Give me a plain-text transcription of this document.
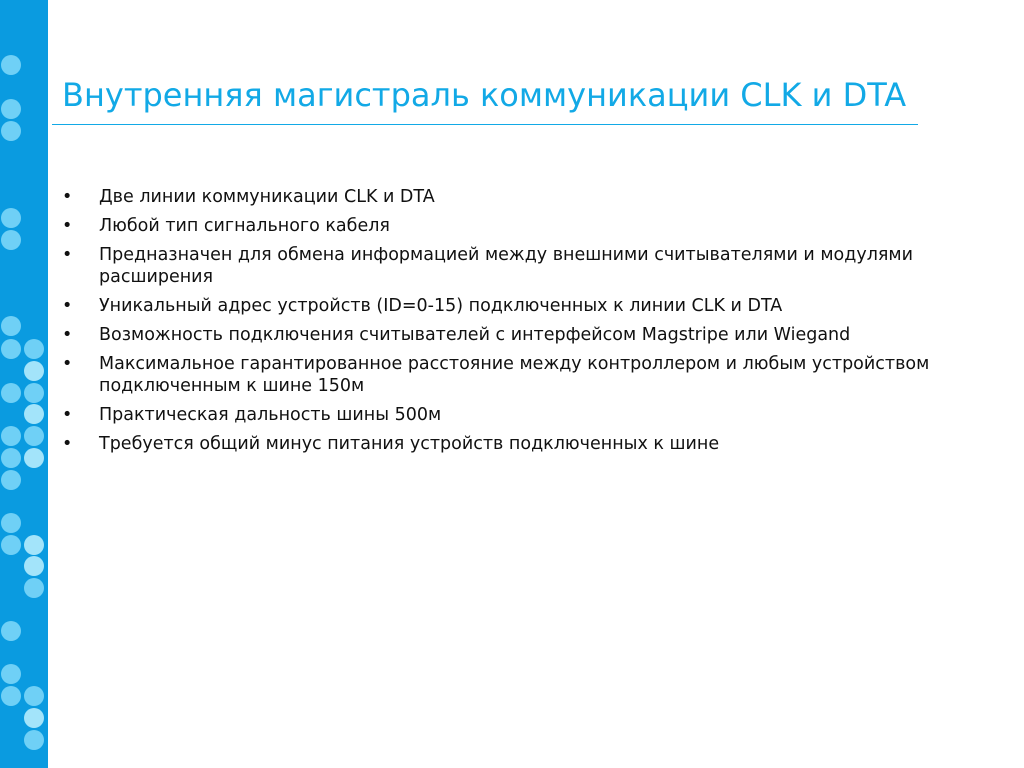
Внутренняя магистраль коммуникации CLK и DTA
• Две линии коммуникации CLK и DTA
• Любой тип сигнального кабеля
• Предназначен для обмена информацией между внешними считывателями и модулями расширения
• Уникальный адрес устройств (ID=0-15) подключенных к линии CLK и DTA
• Возможность подключения считывателей с интерфейсом Magstripe или Wiegand
• Максимальное гарантированное расстояние между контроллером и любым устройством подключенным к шине 150м
• Практическая дальность шины 500м
• Требуется общий минус питания устройств подключенных к шине
